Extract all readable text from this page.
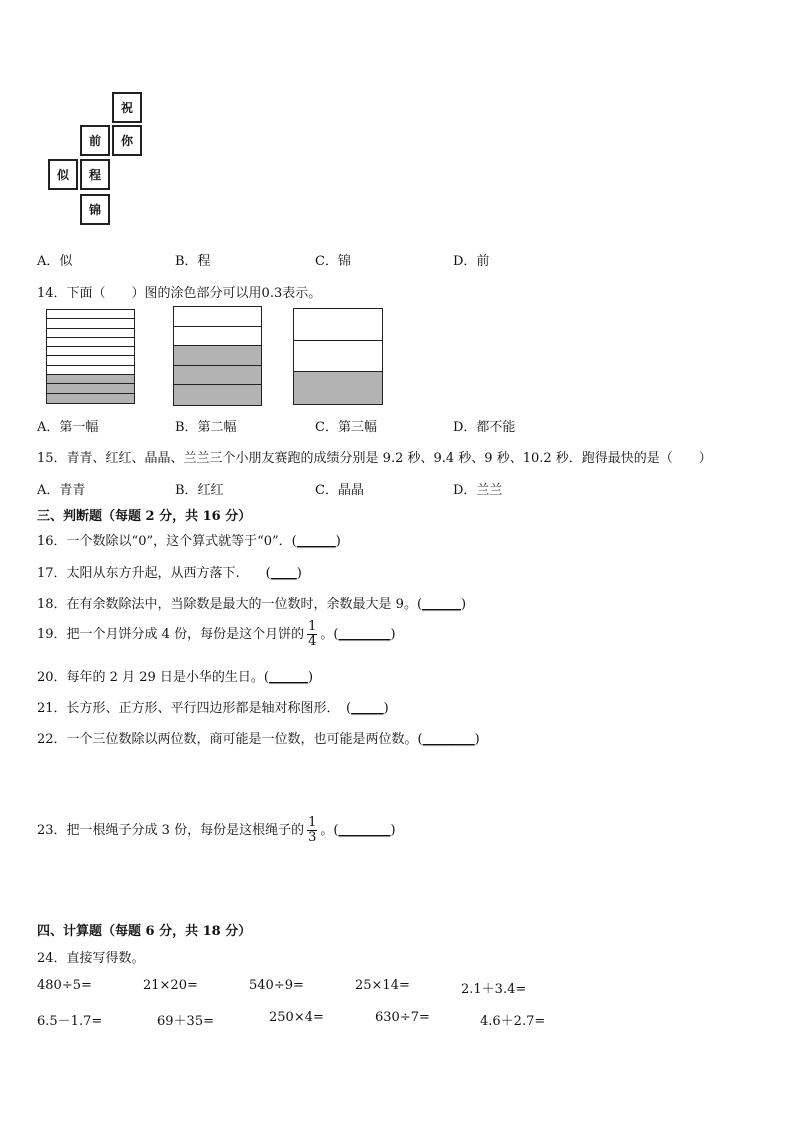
祝
你
前
似	程
锦
A．似	B．程	C．锦	D．前
14．下面（　　）图的涂色部分可以用0.3表示。
A．第一幅	B．第二幅	C．第三幅	D．都不能
15．青青、红红、晶晶、兰兰三个小朋友赛跑的成绩分别是 9.2 秒、9.4 秒、9 秒、10.2 秒．跑得最快的是（　　）
A．青青	B．红红	C．晶晶	D．兰兰
三、判断题（每题 2 分，共 16 分）
16．一个数除以“0”，这个算式就等于“0”．(______)
17．太阳从东方升起，从西方落下.　　(____)
18．在有余数除法中，当除数是最大的一位数时，余数最大是 9。(______)
19．把一个月饼分成 4 份，每份是这个月饼的 $\frac{1}{4}$ 。(________)
20．每年的 2 月 29 日是小华的生日。(______)
21．长方形、正方形、平行四边形都是轴对称图形．　(_____)
22．一个三位数除以两位数，商可能是一位数，也可能是两位数。(________)
23．把一根绳子分成 3 份，每份是这根绳子的 $\frac{1}{3}$ 。(________)
四、计算题（每题 6 分，共 18 分）
24．直接写得数。
480÷5=	21×20=	540÷9=	25×14=	2.1＋3.4=
6.5－1.7=	69＋35=	250×4=	630÷7=	4.6＋2.7=
